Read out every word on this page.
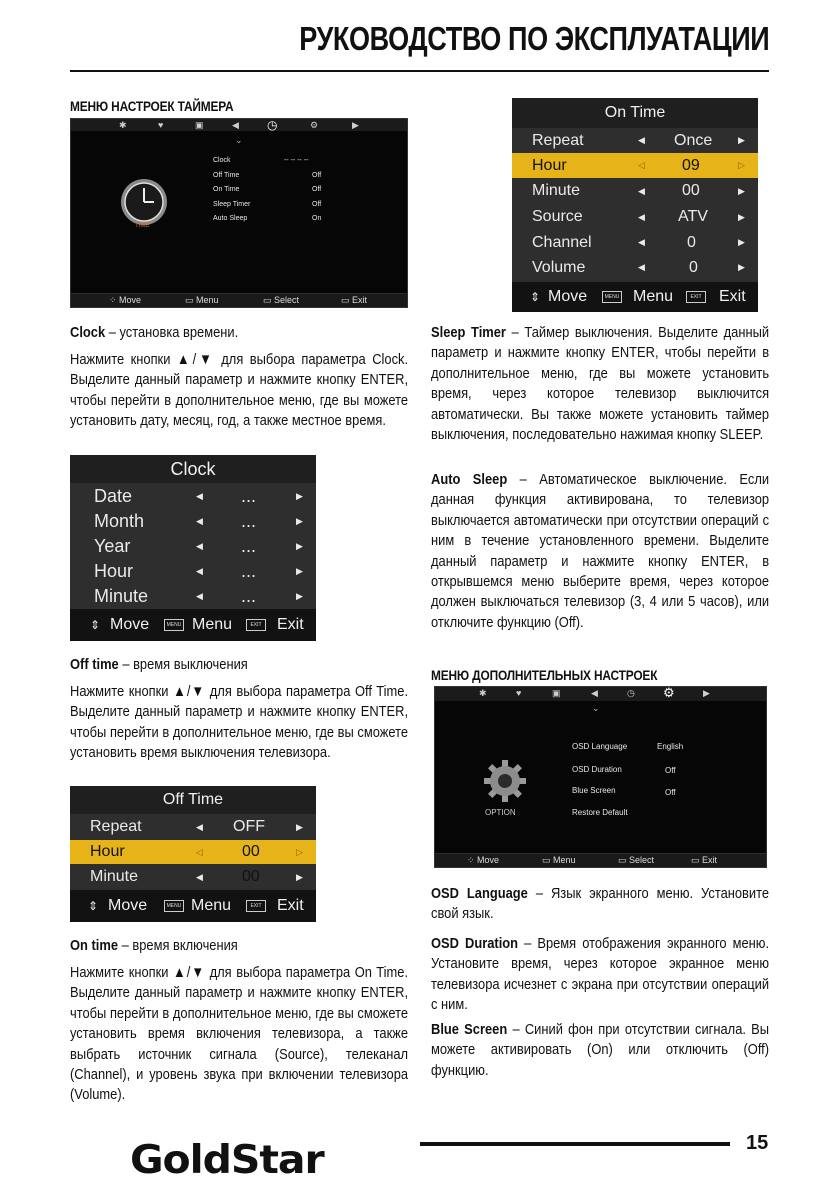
РУКОВОДСТВО ПО ЭКСПЛУАТАЦИИ
МЕНЮ НАСТРОЕК ТАЙМЕРА
✱	♥	▣	◀ ◷	⚙	▶
⌄
TIME
Clock	-- -- -- --
Off Time	Off
On Time	Off
Sleep Timer	Off
Auto Sleep	On
⁘ Move	▭ Menu	▭ Select	▭ Exit
Clock – установка времени.
Нажмите кнопки ▲/▼ для выбора параметра Clock. Выделите данный параметр и нажмите кнопку ENTER, чтобы перейти в дополнительное меню, где вы можете установить дату, месяц, год, а также местное время.
Clock
Date	◀ ...	▶
Month	◀ ...	▶
Year	◀ ...	▶
Hour	◀ ...	▶
Minute	◀ ...	▶
⇕ Move	MENU Menu	EXIT Exit
Off time – время выключения
Нажмите кнопки ▲/▼ для выбора параметра Off Time. Выделите данный параметр и нажмите кнопку ENTER, чтобы перейти в дополнительное меню, где вы сможете установить время выключения телевизора.
Off Time
Repeat	◀ OFF	▶
Hour	◁ 00	▷
Minute	◀ 00	▶
⇕ Move	MENU Menu	EXIT Exit
On time – время включения
Нажмите кнопки ▲/▼ для выбора параметра On Time. Выделите данный параметр и нажмите кнопку ENTER, чтобы перейти в дополнительное меню, где вы сможете установить время включения телевизора, а также выбрать источник сигнала (Source), телеканал (Channel), и уровень звука при включении телевизора (Volume).
On Time
Repeat	◀ Once	▶
Hour	◁ 09	▷
Minute	◀ 00	▶
Source	◀ ATV	▶
Channel	◀	0	▶
Volume	◀	0	▶
⇕ Move	MENU Menu	EXIT Exit
Sleep Timer – Таймер выключения. Выделите данный параметр и нажмите кнопку ENTER, чтобы перейти в дополнительное меню, где вы можете установить время, через которое телевизор выключится автоматически. Вы также можете установить таймер выключения, последовательно нажимая кнопку SLEEP.
Auto Sleep – Автоматическое выключение. Если данная функция активирована, то телевизор выключается автоматически при отсутствии операций с ним в течение установленного времени. Выделите данный параметр и нажмите кнопку ENTER, в открывшемся меню выберите время, через которое должен выключаться телевизор (3, 4 или 5 часов), или отключите функцию (Off).
МЕНЮ ДОПОЛНИТЕЛЬНЫХ НАСТРОЕК
✱	♥	▣	◀	◷ ⚙	▶
⌄
OPTION
OSD Language	English
OSD Duration	Off
Blue Screen	Off
Restore Default
⁘ Move	▭ Menu	▭ Select	▭ Exit
OSD Language – Язык экранного меню. Установите свой язык.
OSD Duration – Время отображения экранного меню. Установите время, через которое экранное меню телевизора исчезнет с экрана при отсутствии операций с ним.
Blue Screen – Синий фон при отсутствии сигнала. Вы можете активировать (On) или отключить (Off) функцию.
GoldStar	15
